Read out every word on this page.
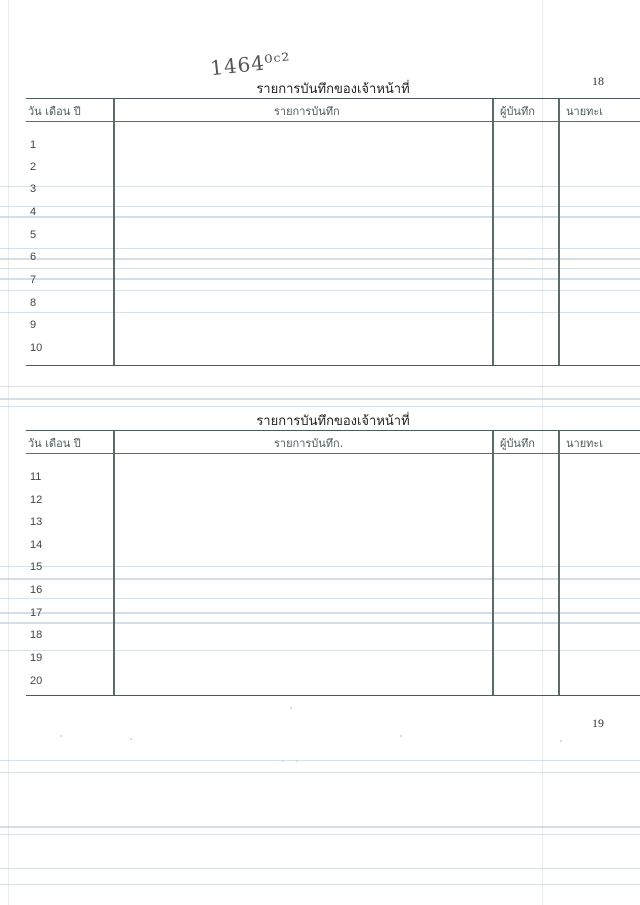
1464⁰ᶜ²
18
19
รายการบันทึกของเจ้าหน้าที่
วัน เดือน ปี	รายการบันทึก	ผู้บันทึก	นายทะเ
1
2
3
4
5
6
7
8
9
10
รายการบันทึกของเจ้าหน้าที่
วัน เดือน ปี	รายการบันทึก.	ผู้บันทึก	นายทะเ
11
12
13
14
15
16
17
18
19
20
